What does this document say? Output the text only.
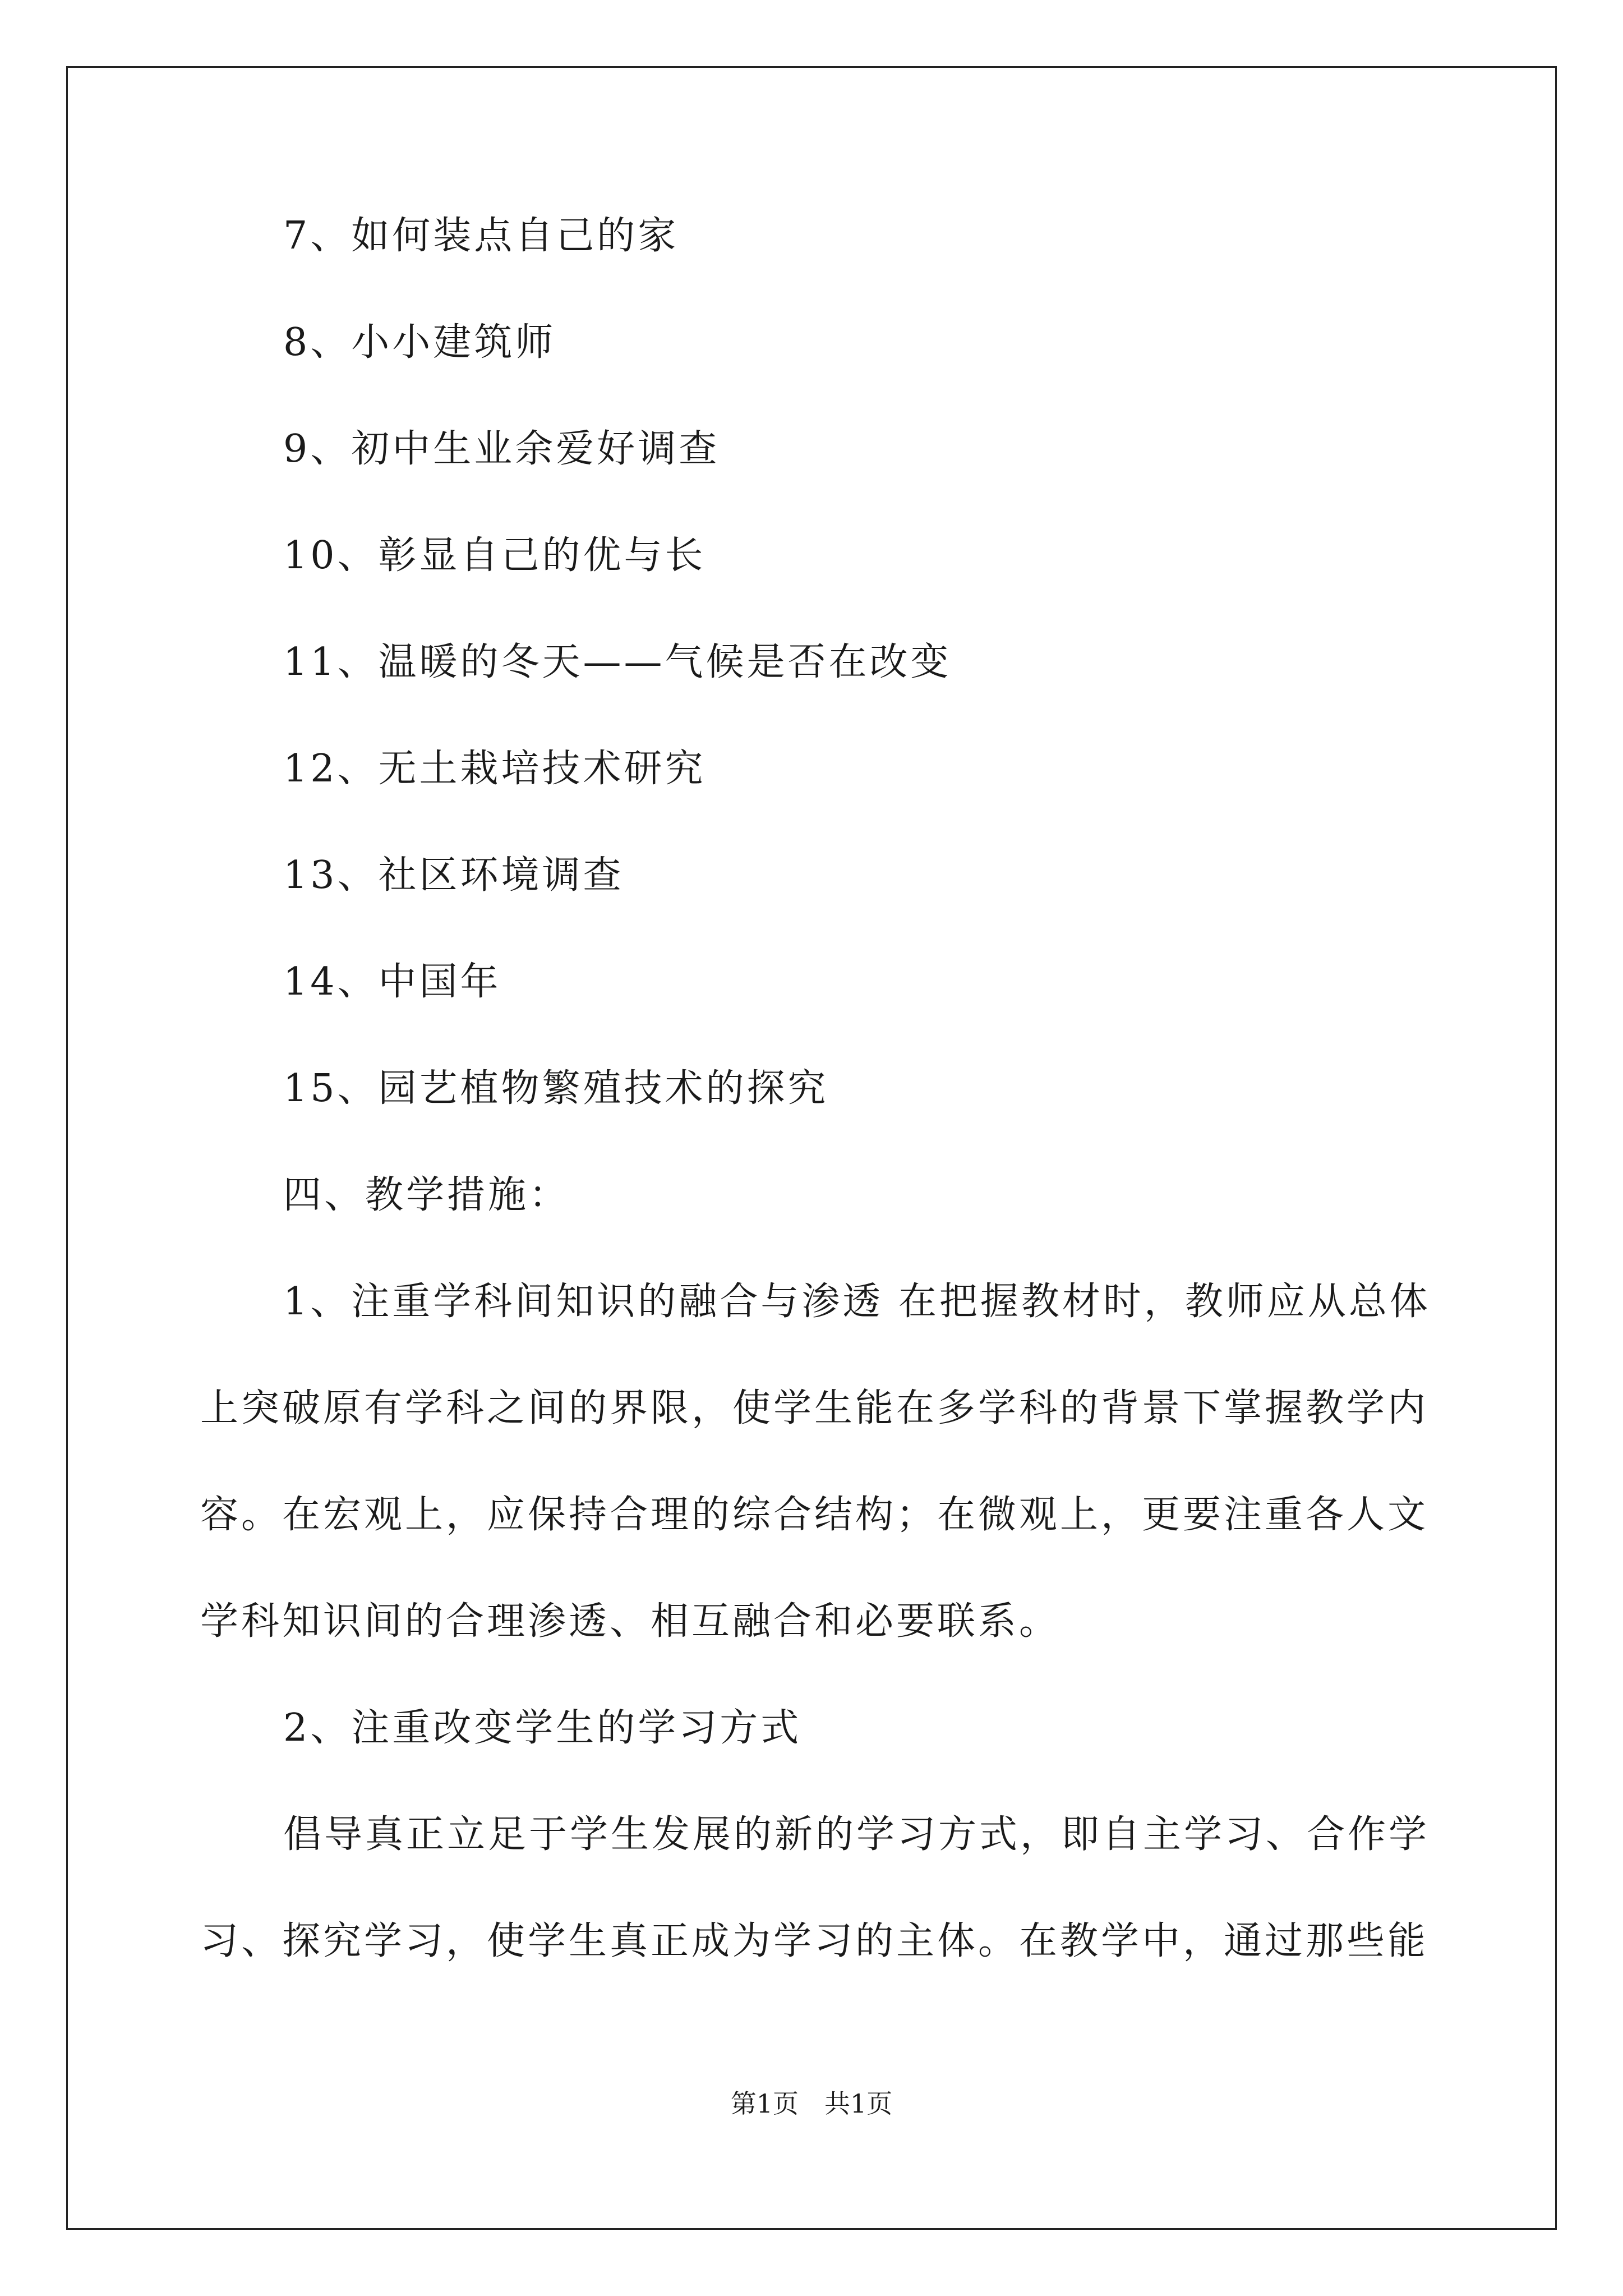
7、如何装点自己的家
8、小小建筑师
9、初中生业余爱好调查
10、彰显自己的优与长
11、温暖的冬天——气候是否在改变
12、无土栽培技术研究
13、社区环境调查
14、中国年
15、园艺植物繁殖技术的探究
四、教学措施：
1、注重学科间知识的融合与渗透 在把握教材时，教师应从总体
上突破原有学科之间的界限，使学生能在多学科的背景下掌握教学内
容。在宏观上，应保持合理的综合结构；在微观上，更要注重各人文
学科知识间的合理渗透、相互融合和必要联系。
2、注重改变学生的学习方式
倡导真正立足于学生发展的新的学习方式，即自主学习、合作学
习、探究学习，使学生真正成为学习的主体。在教学中，通过那些能
第1页　共1页
